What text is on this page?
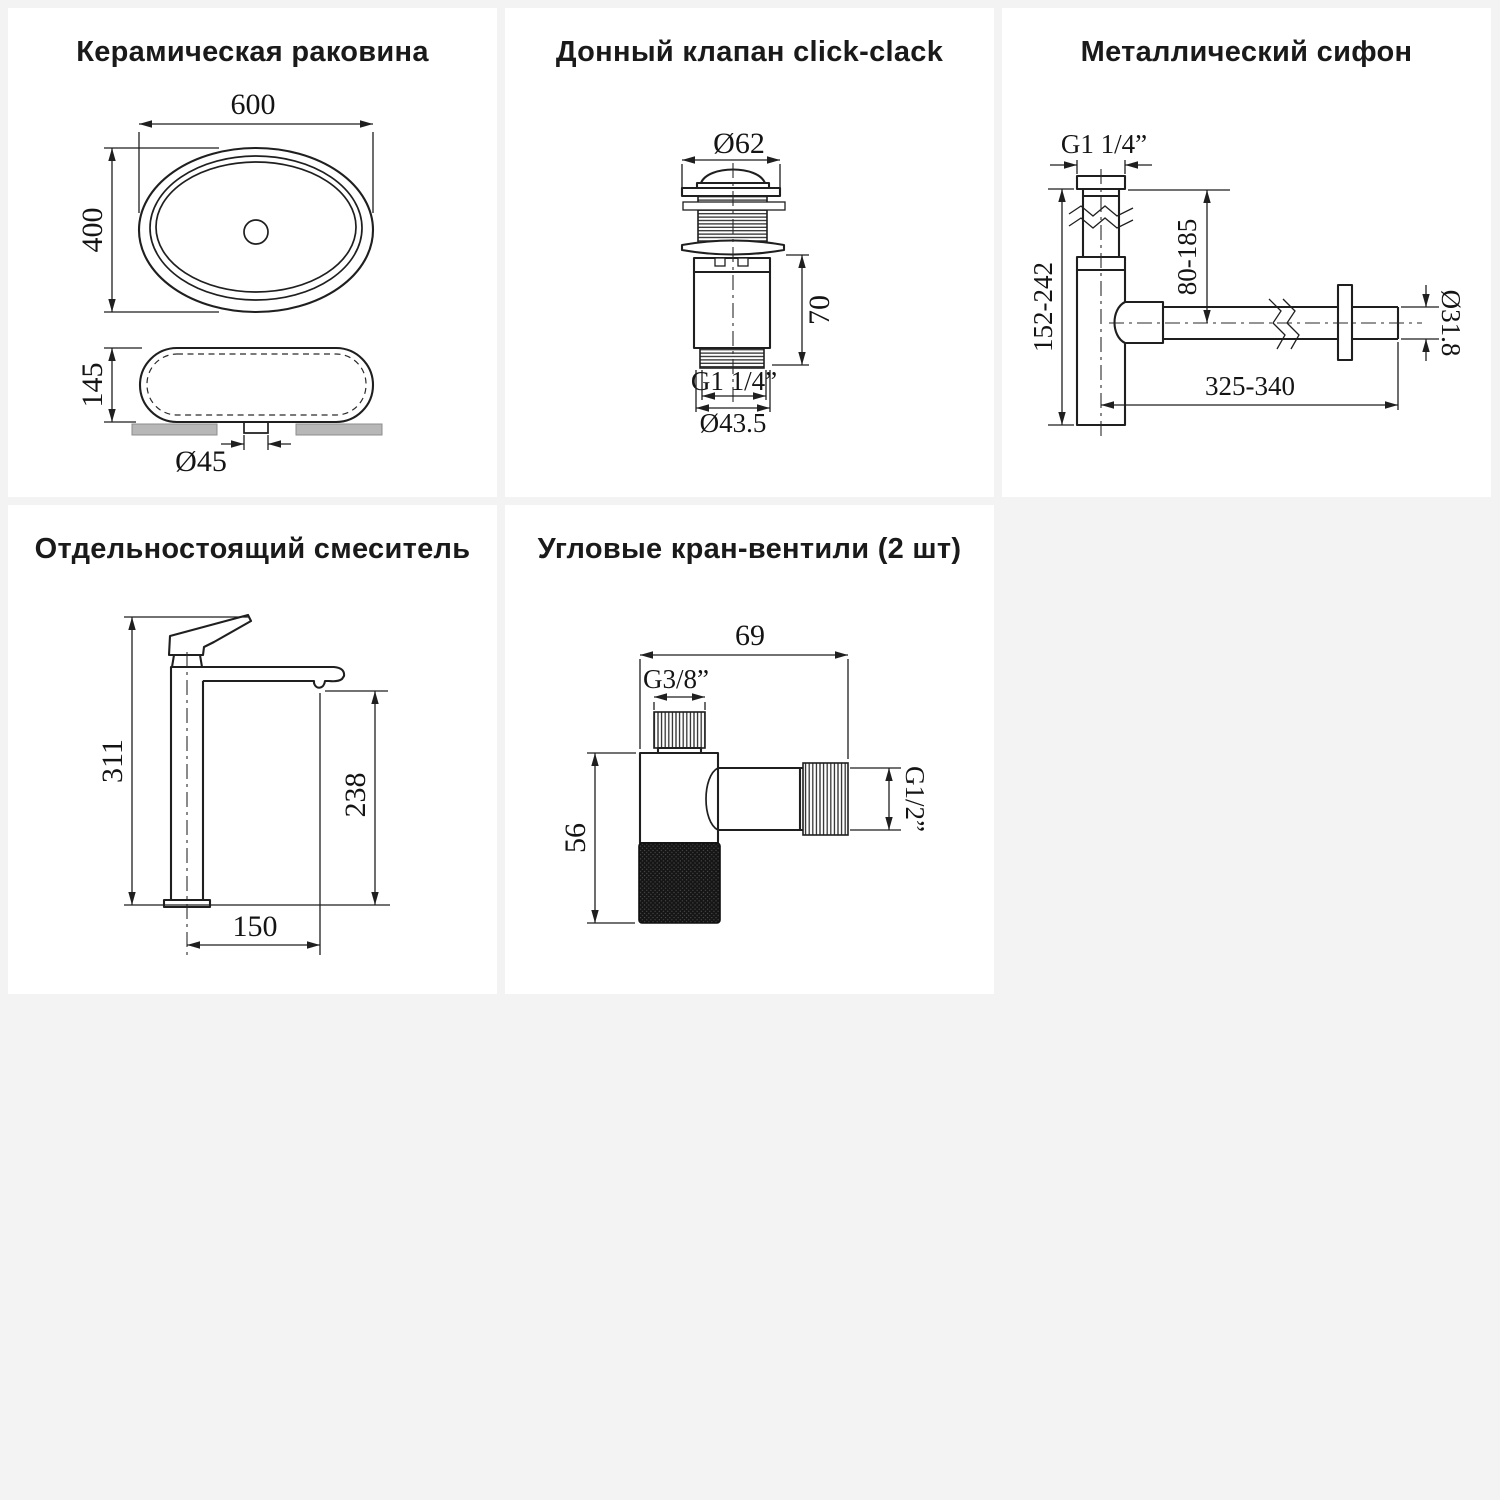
Керамическая раковина
600
400
145
Ø45
Донный клапан click-clack
Ø62
70
G1 1/4”
Ø43.5
Металлический сифон
G1 1/4”
152-242
80-185
Ø31.8
325-340
Отдельностоящий смеситель
311
238
150
Угловые кран-вентили (2 шт)
69
G3/8”
56
G1/2”
